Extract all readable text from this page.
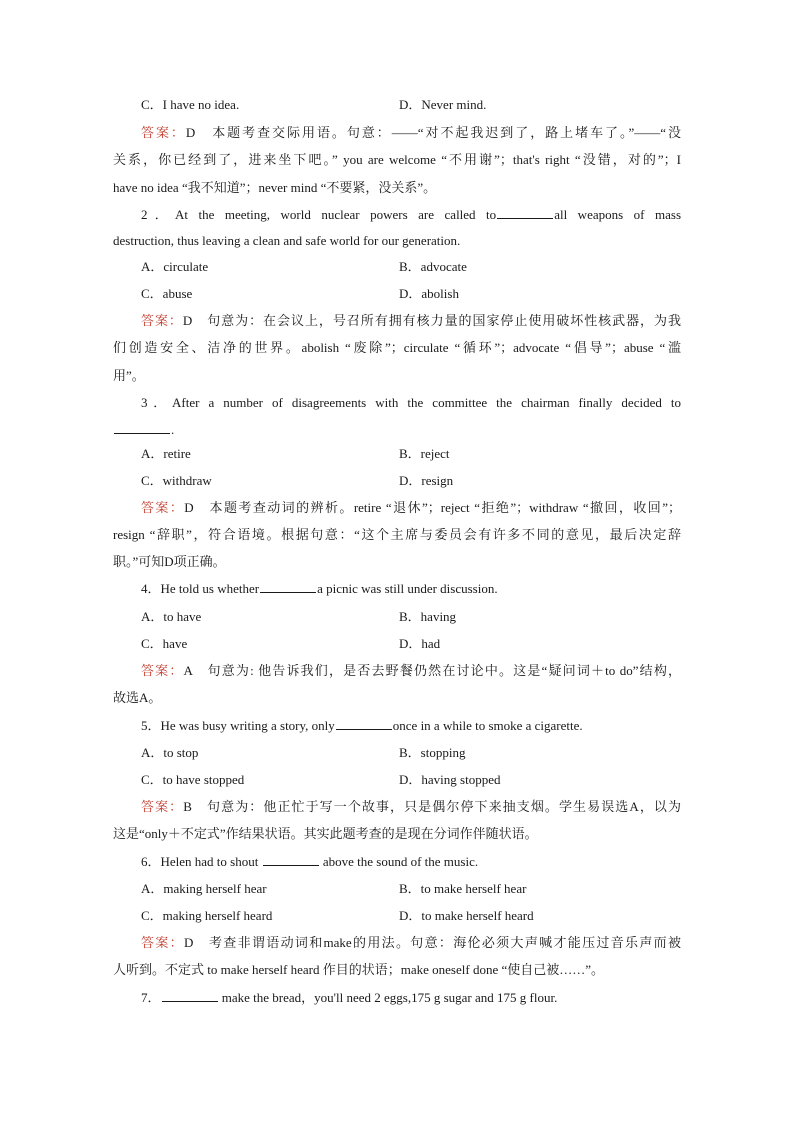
C．I have no idea.	D．Never mind.
答案：D　本题考查交际用语。句意：——“对不起我迟到了，路上堵车了。”——“没
关系，你已经到了，进来坐下吧。” you are welcome “不用谢”；that's right “没错，对的”；I
have no idea “我不知道”；never mind “不要紧，没关系”。
2．At the meeting, world nuclear powers are called to	all weapons of mass
destruction, thus leaving a clean and safe world for our generation.
A．circulate	B．advocate
C．abuse	D．abolish
答案：D　句意为：在会议上，号召所有拥有核力量的国家停止使用破坏性核武器，为我
们创造安全、洁净的世界。abolish “废除”；circulate “循环”；advocate “倡导”；abuse “滥
用”。
3．After a number of disagreements with the committee the chairman finally decided to
.
A．retire	B．reject
C．withdraw	D．resign
答案：D　本题考查动词的辨析。retire “退休”；reject “拒绝”；withdraw “撤回，收回”；
resign “辞职”，符合语境。根据句意：“这个主席与委员会有许多不同的意见，最后决定辞
职。”可知D项正确。
4．He told us whether	a picnic was still under discussion.
A．to have	B．having
C．have	D．had
答案：A　句意为: 他告诉我们，是否去野餐仍然在讨论中。这是“疑问词＋to do”结构，
故选A。
5．He was busy writing a story, only	once in a while to smoke a cigarette.
A．to stop	B．stopping
C．to have stopped	D．having stopped
答案：B　句意为：他正忙于写一个故事，只是偶尔停下来抽支烟。学生易误选A，以为
这是“only＋不定式”作结果状语。其实此题考查的是现在分词作伴随状语。
6．Helen had to shout	above the sound of the music.
A．making herself hear	B．to make herself hear
C．making herself heard	D．to make herself heard
答案：D　考查非谓语动词和make的用法。句意：海伦必须大声喊才能压过音乐声而被
人听到。不定式 to make herself heard 作目的状语；make oneself done “使自己被……”。
7．	make the bread，you'll need 2 eggs,175 g sugar and 175 g flour.
